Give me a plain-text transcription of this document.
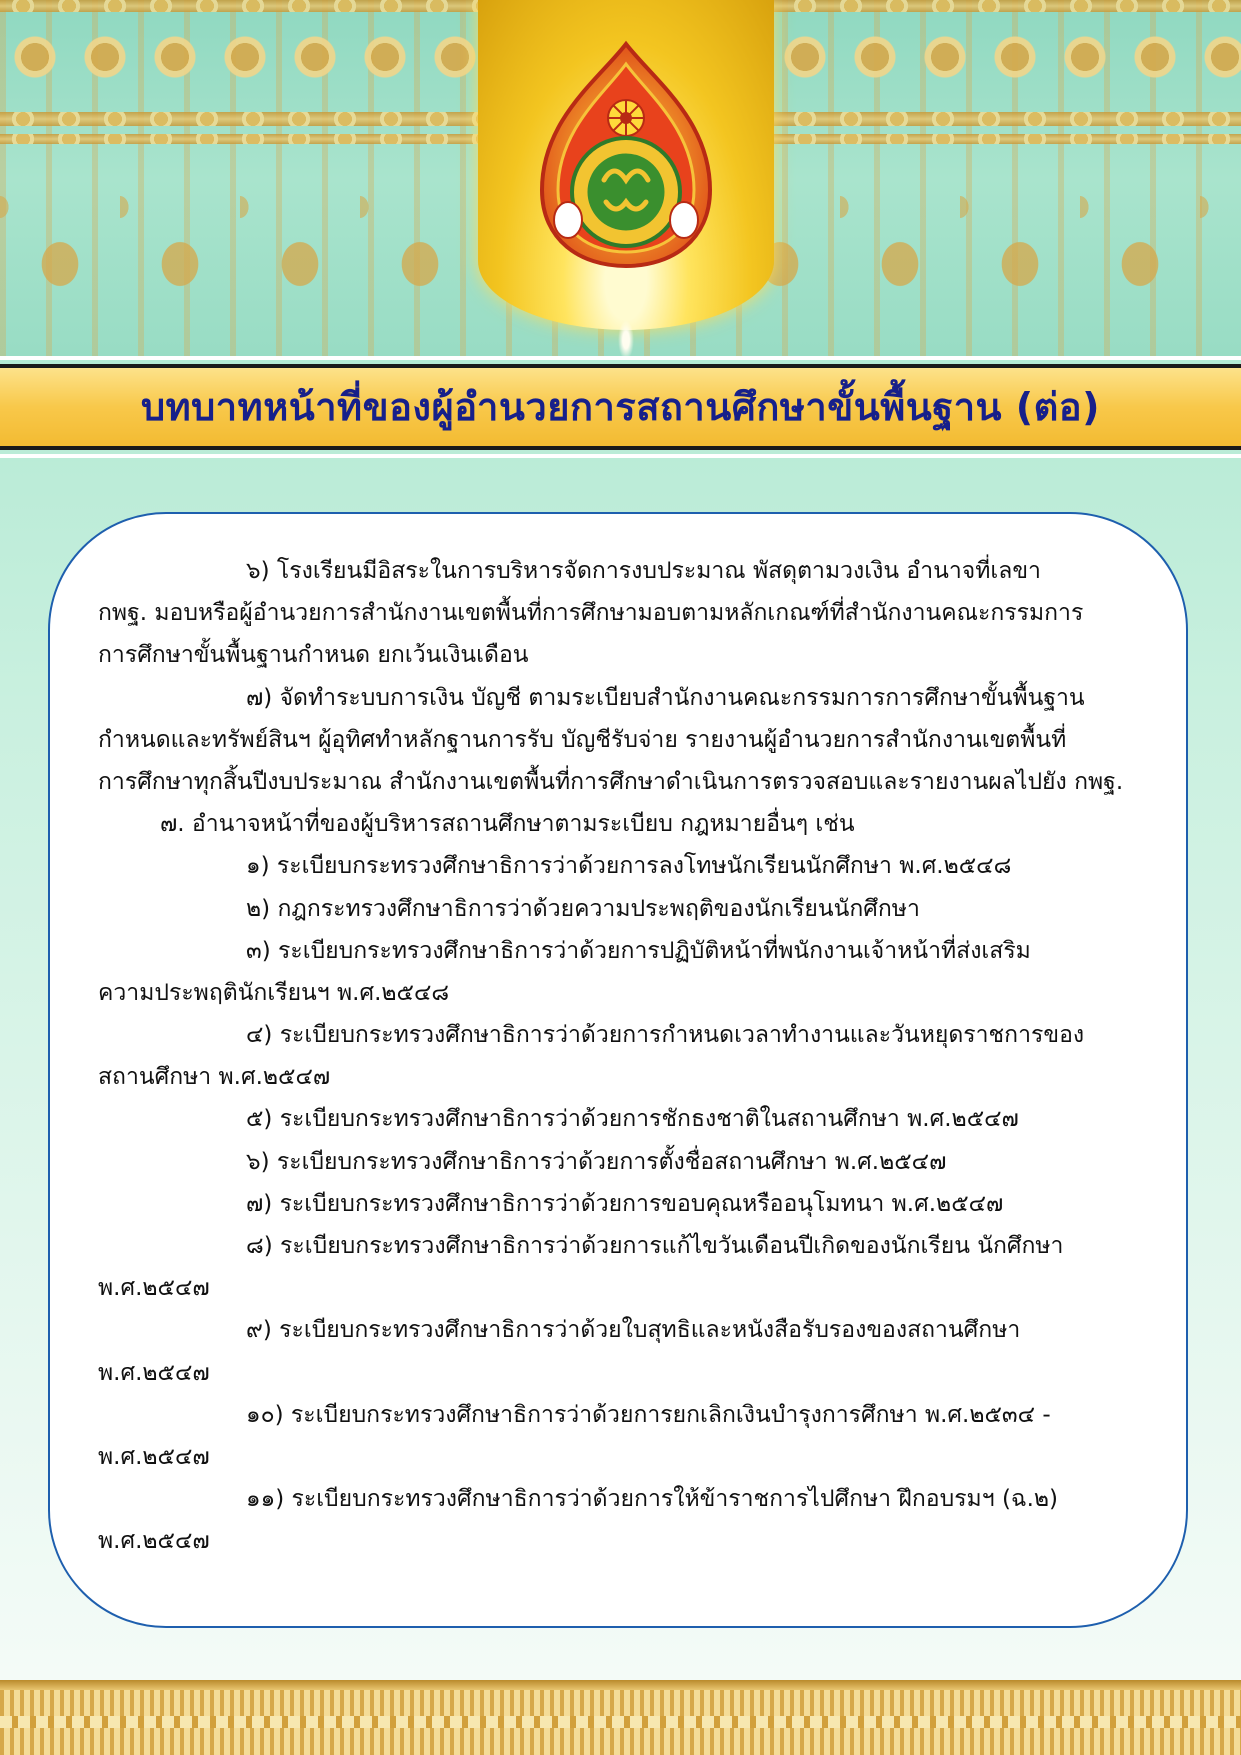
บทบาทหน้าที่ของผู้อำนวยการสถานศึกษาขั้นพื้นฐาน (ต่อ)
๖) โรงเรียนมีอิสระในการบริหารจัดการงบประมาณ พัสดุตามวงเงิน อำนาจที่เลขา
กพฐ. มอบหรือผู้อำนวยการสำนักงานเขตพื้นที่การศึกษามอบตามหลักเกณฑ์ที่สำนักงานคณะกรรมการ
การศึกษาขั้นพื้นฐานกำหนด ยกเว้นเงินเดือน
๗) จัดทำระบบการเงิน บัญชี ตามระเบียบสำนักงานคณะกรรมการการศึกษาขั้นพื้นฐาน
กำหนดและทรัพย์สินฯ ผู้อุทิศทำหลักฐานการรับ บัญชีรับจ่าย รายงานผู้อำนวยการสำนักงานเขตพื้นที่
การศึกษาทุกสิ้นปีงบประมาณ สำนักงานเขตพื้นที่การศึกษาดำเนินการตรวจสอบและรายงานผลไปยัง กพฐ.
๗. อำนาจหน้าที่ของผู้บริหารสถานศึกษาตามระเบียบ กฎหมายอื่นๆ เช่น
๑) ระเบียบกระทรวงศึกษาธิการว่าด้วยการลงโทษนักเรียนนักศึกษา พ.ศ.๒๕๔๘
๒) กฎกระทรวงศึกษาธิการว่าด้วยความประพฤติของนักเรียนนักศึกษา
๓) ระเบียบกระทรวงศึกษาธิการว่าด้วยการปฏิบัติหน้าที่พนักงานเจ้าหน้าที่ส่งเสริม
ความประพฤตินักเรียนฯ พ.ศ.๒๕๔๘
๔) ระเบียบกระทรวงศึกษาธิการว่าด้วยการกำหนดเวลาทำงานและวันหยุดราชการของ
สถานศึกษา พ.ศ.๒๕๔๗
๕) ระเบียบกระทรวงศึกษาธิการว่าด้วยการชักธงชาติในสถานศึกษา พ.ศ.๒๕๔๗
๖) ระเบียบกระทรวงศึกษาธิการว่าด้วยการตั้งชื่อสถานศึกษา พ.ศ.๒๕๔๗
๗) ระเบียบกระทรวงศึกษาธิการว่าด้วยการขอบคุณหรืออนุโมทนา พ.ศ.๒๕๔๗
๘) ระเบียบกระทรวงศึกษาธิการว่าด้วยการแก้ไขวันเดือนปีเกิดของนักเรียน นักศึกษา
พ.ศ.๒๕๔๗
๙) ระเบียบกระทรวงศึกษาธิการว่าด้วยใบสุทธิและหนังสือรับรองของสถานศึกษา
พ.ศ.๒๕๔๗
๑๐) ระเบียบกระทรวงศึกษาธิการว่าด้วยการยกเลิกเงินบำรุงการศึกษา พ.ศ.๒๕๓๔ -
พ.ศ.๒๕๔๗
๑๑) ระเบียบกระทรวงศึกษาธิการว่าด้วยการให้ข้าราชการไปศึกษา ฝึกอบรมฯ (ฉ.๒)
พ.ศ.๒๕๔๗
